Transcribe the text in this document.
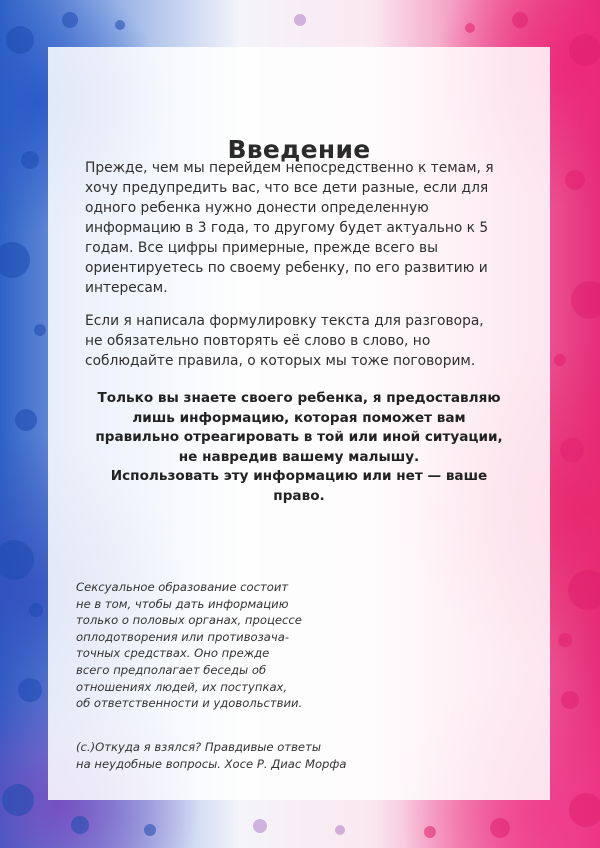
Введение

Прежде, чем мы перейдем непосредственно к темам, я
хочу предупредить вас, что все дети разные, если для
одного ребенка нужно донести определенную
информацию в 3 года, то другому будет актуально к 5
годам. Все цифры примерные, прежде всего вы
ориентируетесь по своему ребенку, по его развитию и
интересам.

Если я написала формулировку текста для разговора,
не обязательно повторять её слово в слово, но
соблюдайте правила, о которых мы тоже поговорим.

Только вы знаете своего ребенка, я предоставляю
лишь информацию, которая поможет вам
правильно отреагировать в той или иной ситуации,
не навредив вашему малышу.
Использовать эту информацию или нет — ваше
право.

Сексуальное образование состоит
не в том, чтобы дать информацию
только о половых органах, процессе
оплодотворения или противозача-
точных средствах. Оно прежде
всего предполагает беседы об
отношениях людей, их поступках,
об ответственности и удовольствии.

(с.)Откуда я взялся? Правдивые ответы
на неудобные вопросы. Хосе Р. Диас Морфа
